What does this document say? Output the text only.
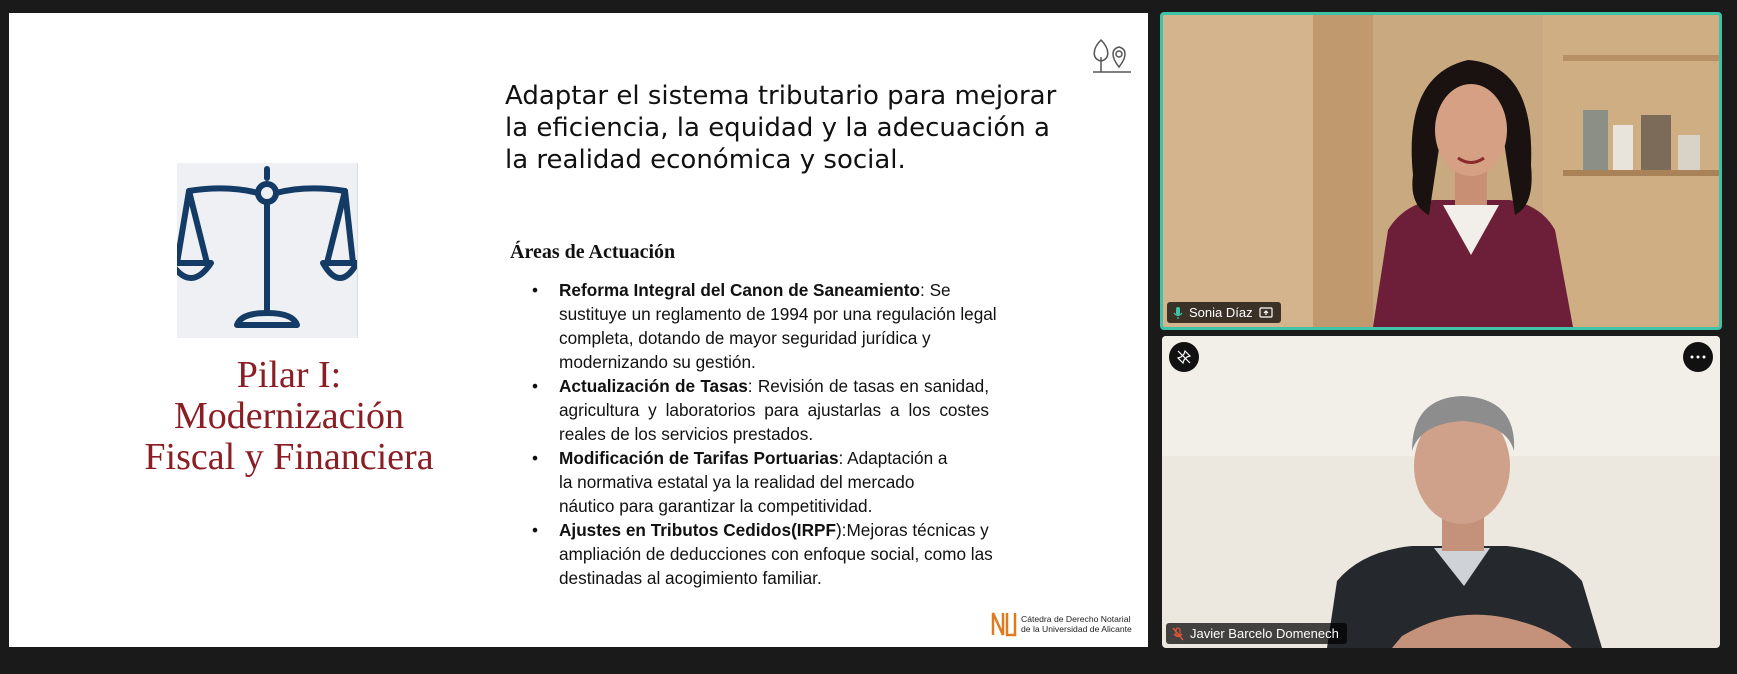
Pilar I:
Modernización
Fiscal y Financiera
Adaptar el sistema tributario para mejorar la eficiencia, la equidad y la adecuación a la realidad económica y social.
Áreas de Actuación
• Reforma Integral del Canon de Saneamiento: Se
sustituye un reglamento de 1994 por una regulación legal
completa, dotando de mayor seguridad jurídica y
modernizando su gestión.
• Actualización de Tasas: Revisión de tasas en sanidad, agricultura y laboratorios para ajustarlas a los costes reales de los servicios prestados.
• Modificación de Tarifas Portuarias: Adaptación a
la normativa estatal ya la realidad del mercado
náutico para garantizar la competitividad.
• Ajustes en Tributos Cedidos(IRPF):Mejoras técnicas y
ampliación de deducciones con enfoque social, como las
destinadas al acogimiento familiar.
Cátedra de Derecho Notarial
de la Universidad de Alicante
Sonia Díaz
Javier Barcelo Domenech
